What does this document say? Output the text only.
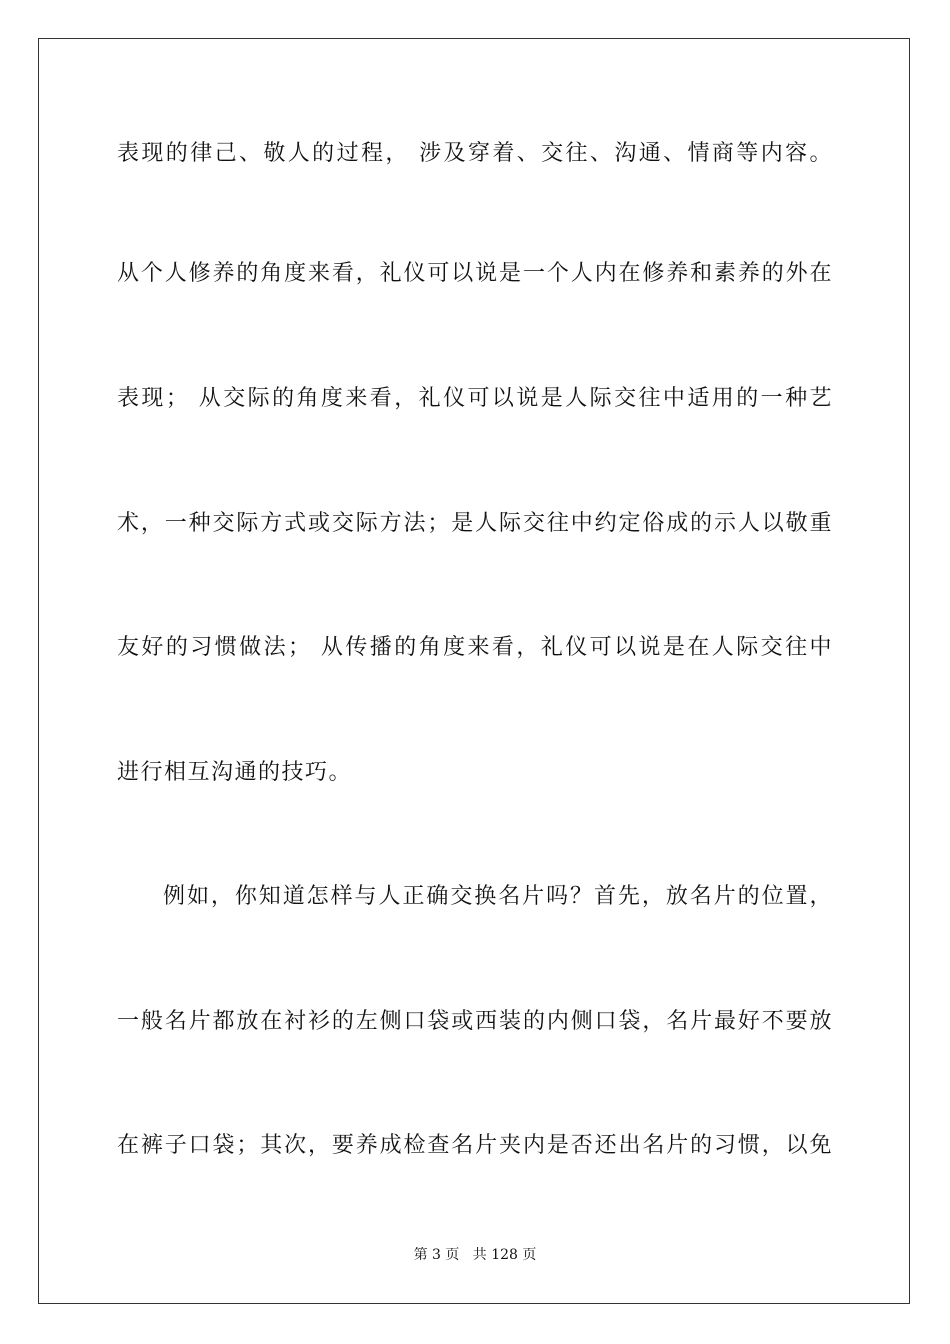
表现的律己、敬人的过程， 涉及穿着、交往、沟通、情商等内容。
从个人修养的角度来看，礼仪可以说是一个人内在修养和素养的外在
表现； 从交际的角度来看，礼仪可以说是人际交往中适用的一种艺
术，一种交际方式或交际方法；是人际交往中约定俗成的示人以敬重
友好的习惯做法； 从传播的角度来看，礼仪可以说是在人际交往中
进行相互沟通的技巧。
例如，你知道怎样与人正确交换名片吗？首先，放名片的位置，
一般名片都放在衬衫的左侧口袋或西装的内侧口袋，名片最好不要放
在裤子口袋；其次，要养成检查名片夹内是否还出名片的习惯，以免
第 3 页 共 128 页
